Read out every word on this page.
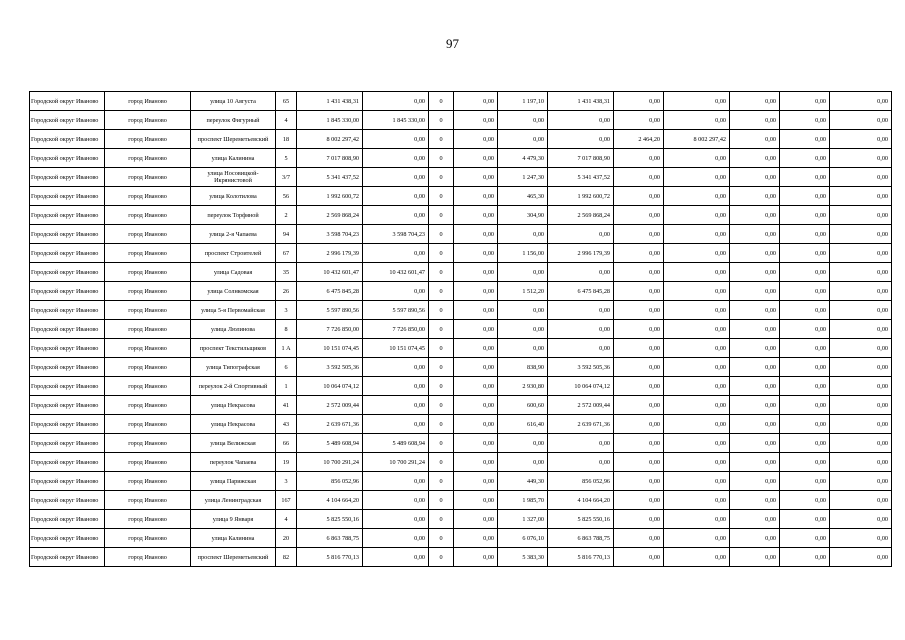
97
Городской округ Иваново	город Иваново	улица 10 Августа	65	1 431 438,31	0,00	0	0,00	1 197,10	1 431 438,31	0,00	0,00	0,00	0,00	0,00
Городской округ Иваново	город Иваново	переулок Фигурный	4	1 845 330,00	1 845 330,00	0	0,00	0,00	0,00	0,00	0,00	0,00	0,00	0,00
Городской округ Иваново	город Иваново	проспект Шереметьевский	18	8 002 297,42	0,00	0	0,00	0,00	0,00	2 464,20	8 002 297,42	0,00	0,00	0,00
Городской округ Иваново	город Иваново	улица Калинина	5	7 017 808,90	0,00	0	0,00	4 479,30	7 017 808,90	0,00	0,00	0,00	0,00	0,00
Городской округ Иваново	город Иваново	улица Носовицкой-Икрянистовой	3/7	5 341 437,52	0,00	0	0,00	1 247,30	5 341 437,52	0,00	0,00	0,00	0,00	0,00
Городской округ Иваново	город Иваново	улица Колотилова	56	1 992 600,72	0,00	0	0,00	465,30	1 992 600,72	0,00	0,00	0,00	0,00	0,00
Городской округ Иваново	город Иваново	переулок Торфяной	2	2 569 868,24	0,00	0	0,00	304,90	2 569 868,24	0,00	0,00	0,00	0,00	0,00
Городской округ Иваново	город Иваново	улица 2-я Чапаева	94	3 598 704,23	3 598 704,23	0	0,00	0,00	0,00	0,00	0,00	0,00	0,00	0,00
Городской округ Иваново	город Иваново	проспект Строителей	67	2 996 179,39	0,00	0	0,00	1 156,00	2 996 179,39	0,00	0,00	0,00	0,00	0,00
Городской округ Иваново	город Иваново	улица Садовая	35	10 432 601,47	10 432 601,47	0	0,00	0,00	0,00	0,00	0,00	0,00	0,00	0,00
Городской округ Иваново	город Иваново	улица Солнкомская	26	6 475 845,28	0,00	0	0,00	1 512,20	6 475 845,28	0,00	0,00	0,00	0,00	0,00
Городской округ Иваново	город Иваново	улица 5-я Первомайская	3	5 597 890,56	5 597 890,56	0	0,00	0,00	0,00	0,00	0,00	0,00	0,00	0,00
Городской округ Иваново	город Иваново	улица Люлинова	8	7 726 850,00	7 726 850,00	0	0,00	0,00	0,00	0,00	0,00	0,00	0,00	0,00
Городской округ Иваново	город Иваново	проспект Текстильщиков	1 А	10 151 074,45	10 151 074,45	0	0,00	0,00	0,00	0,00	0,00	0,00	0,00	0,00
Городской округ Иваново	город Иваново	улица Типографская	6	3 592 505,36	0,00	0	0,00	838,90	3 592 505,36	0,00	0,00	0,00	0,00	0,00
Городской округ Иваново	город Иваново	переулок 2-й Спортивный	1	10 064 074,12	0,00	0	0,00	2 930,80	10 064 074,12	0,00	0,00	0,00	0,00	0,00
Городской округ Иваново	город Иваново	улица Некрасова	41	2 572 009,44	0,00	0	0,00	600,60	2 572 009,44	0,00	0,00	0,00	0,00	0,00
Городской округ Иваново	город Иваново	улица Некрасова	43	2 639 671,36	0,00	0	0,00	616,40	2 639 671,36	0,00	0,00	0,00	0,00	0,00
Городской округ Иваново	город Иваново	улица Велижская	66	5 489 608,94	5 489 608,94	0	0,00	0,00	0,00	0,00	0,00	0,00	0,00	0,00
Городской округ Иваново	город Иваново	переулок Чапаева	19	10 700 291,24	10 700 291,24	0	0,00	0,00	0,00	0,00	0,00	0,00	0,00	0,00
Городской округ Иваново	город Иваново	улица Парижская	3	856 052,96	0,00	0	0,00	449,30	856 052,96	0,00	0,00	0,00	0,00	0,00
Городской округ Иваново	город Иваново	улица Ленинградская	167	4 104 664,20	0,00	0	0,00	1 985,70	4 104 664,20	0,00	0,00	0,00	0,00	0,00
Городской округ Иваново	город Иваново	улица 9 Января	4	5 825 550,16	0,00	0	0,00	1 327,00	5 825 550,16	0,00	0,00	0,00	0,00	0,00
Городской округ Иваново	город Иваново	улица Калинина	20	6 863 788,75	0,00	0	0,00	6 076,10	6 863 788,75	0,00	0,00	0,00	0,00	0,00
Городской округ Иваново	город Иваново	проспект Шереметьевский	82	5 816 770,13	0,00	0	0,00	5 383,30	5 816 770,13	0,00	0,00	0,00	0,00	0,00
